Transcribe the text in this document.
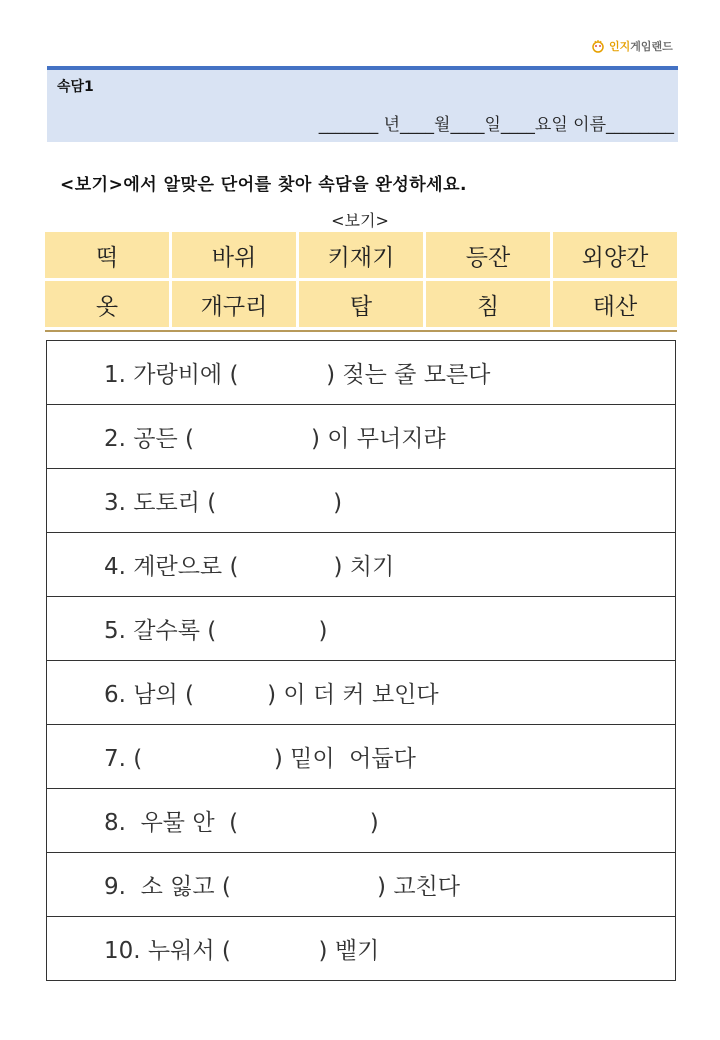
인지 게임랜드
속담1
_______ 년____월____일____요일 이름________
<보기>에서 알맞은 단어를 찾아 속담을 완성하세요.
<보기>
떡	바위	키재기	등잔	외양간
옷	개구리	탑	침	태산
1. 가랑비에 (            ) 젖는 줄 모른다
2. 공든 (                ) 이 무너지랴
3. 도토리 (                )
4. 계란으로 (             ) 치기
5. 갈수록 (              )
6. 남의 (          ) 이 더 커 보인다
7. (                  ) 밑이  어둡다
8.  우물 안  (                  )
9.  소 잃고 (                    ) 고친다
10. 누워서 (            ) 뱉기
